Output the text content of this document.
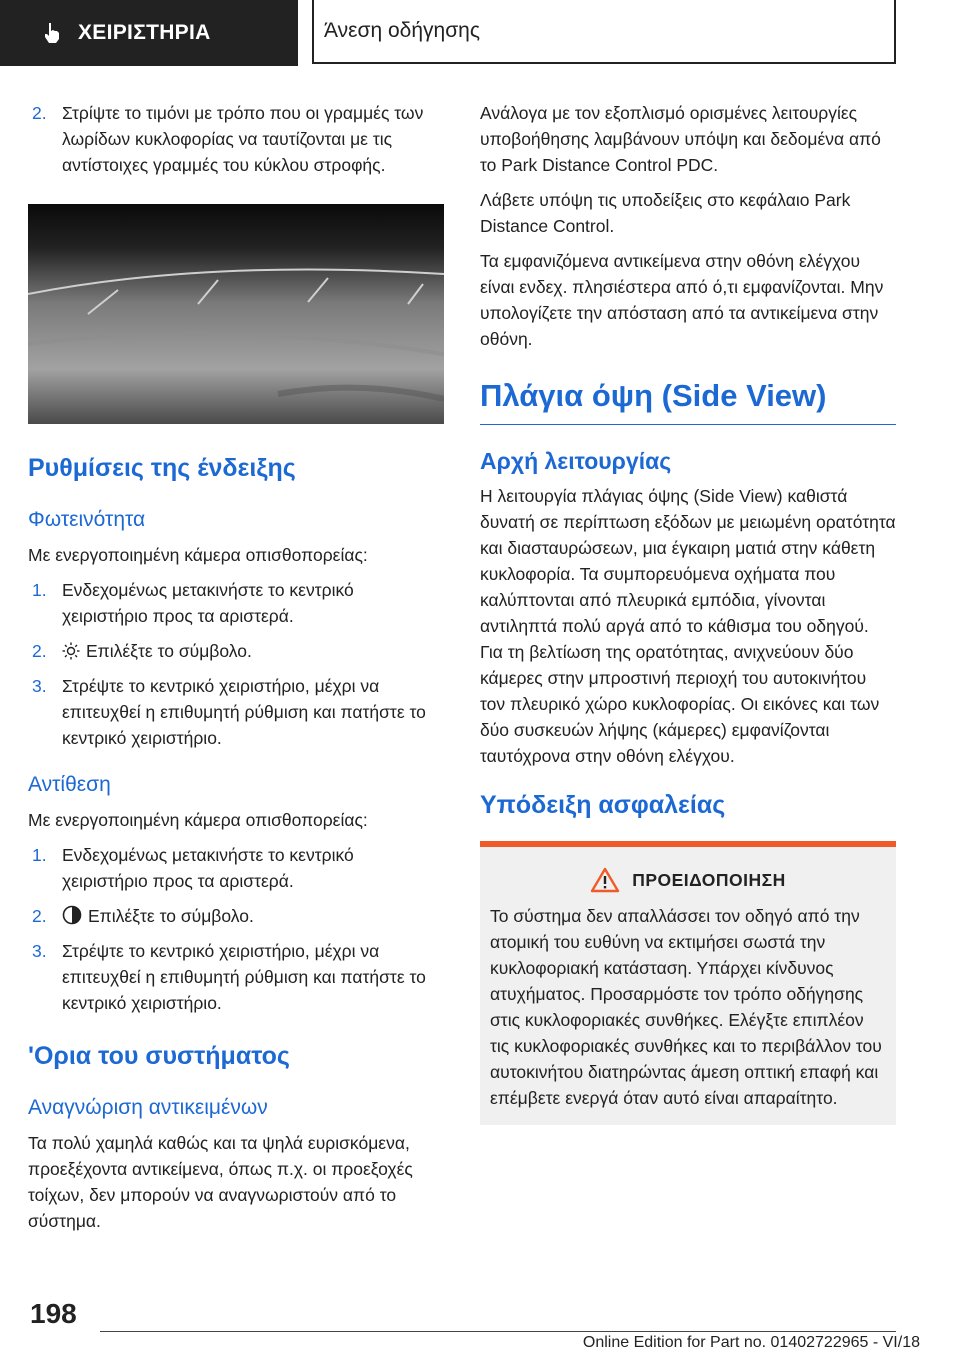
ΧΕΙΡΙΣΤΗΡΙΑ	Άνεση οδήγησης
2. Στρίψτε το τιμόνι με τρόπο που οι γραμμές των λωρίδων κυκλοφορίας να ταυτίζονται με τις αντίστοιχες γραμμές του κύκλου στροφής.
Ρυθμίσεις της ένδειξης
Φωτεινότητα

Με ενεργοποιημένη κάμερα οπισθοπορείας:

1. Ενδεχομένως μετακινήστε το κεντρικό χειριστήριο προς τα αριστερά.
2.	Επιλέξτε το σύμβολο.
3. Στρέψτε το κεντρικό χειριστήριο, μέχρι να επιτευχθεί η επιθυμητή ρύθμιση και πατήστε το κεντρικό χειριστήριο.
Αντίθεση

Με ενεργοποιημένη κάμερα οπισθοπορείας:

1. Ενδεχομένως μετακινήστε το κεντρικό χειριστήριο προς τα αριστερά.
2.	Επιλέξτε το σύμβολο.
3. Στρέψτε το κεντρικό χειριστήριο, μέχρι να επιτευχθεί η επιθυμητή ρύθμιση και πατήστε το κεντρικό χειριστήριο.
'Ορια του συστήματος
Αναγνώριση αντικειμένων

Τα πολύ χαμηλά καθώς και τα ψηλά ευρισκόμενα, προεξέχοντα αντικείμενα, όπως π.χ. οι προεξοχές τοίχων, δεν μπορούν να αναγνωριστούν από το σύστημα.

Ανάλογα με τον εξοπλισμό ορισμένες λειτουργίες υποβοήθησης λαμβάνουν υπόψη και δεδομένα από το Park Distance Control PDC.

Λάβετε υπόψη τις υποδείξεις στο κεφάλαιο Park Distance Control.

Τα εμφανιζόμενα αντικείμενα στην οθόνη ελέγχου είναι ενδεχ. πλησιέστερα από ό,τι εμφανίζονται. Μην υπολογίζετε την απόσταση από τα αντικείμενα στην οθόνη.

Πλάγια όψη (Side View)
Αρχή λειτουργίας

Η λειτουργία πλάγιας όψης (Side View) καθιστά δυνατή σε περίπτωση εξόδων με μειωμένη ορατότητα και διασταυρώσεων, μια έγκαιρη ματιά στην κάθετη κυκλοφορία. Τα συμπορευόμενα οχήματα που καλύπτονται από πλευρικά εμπόδια, γίνονται αντιληπτά πολύ αργά από το κάθισμα του οδηγού. Για τη βελτίωση της ορατότητας, ανιχνεύουν δύο κάμερες στην μπροστινή περιοχή του αυτοκινήτου τον πλευρικό χώρο κυκλοφορίας. Οι εικόνες και των δύο συσκευών λήψης (κάμερες) εμφανίζονται ταυτόχρονα στην οθόνη ελέγχου.

Υπόδειξη ασφαλείας
ΠΡΟΕΙΔΟΠΟΙΗΣΗ
Το σύστημα δεν απαλλάσσει τον οδηγό από την ατομική του ευθύνη να εκτιμήσει σωστά την κυκλοφοριακή κατάσταση. Υπάρχει κίνδυνος ατυχήματος. Προσαρμόστε τον τρόπο οδήγησης στις κυκλοφοριακές συνθήκες. Ελέγξτε επιπλέον τις κυκλοφοριακές συνθήκες και το περιβάλλον του αυτοκινήτου διατηρώντας άμεση οπτική επαφή και επέμβετε ενεργά όταν αυτό είναι απαραίτητο.
198
Online Edition for Part no. 01402722965 - VI/18
